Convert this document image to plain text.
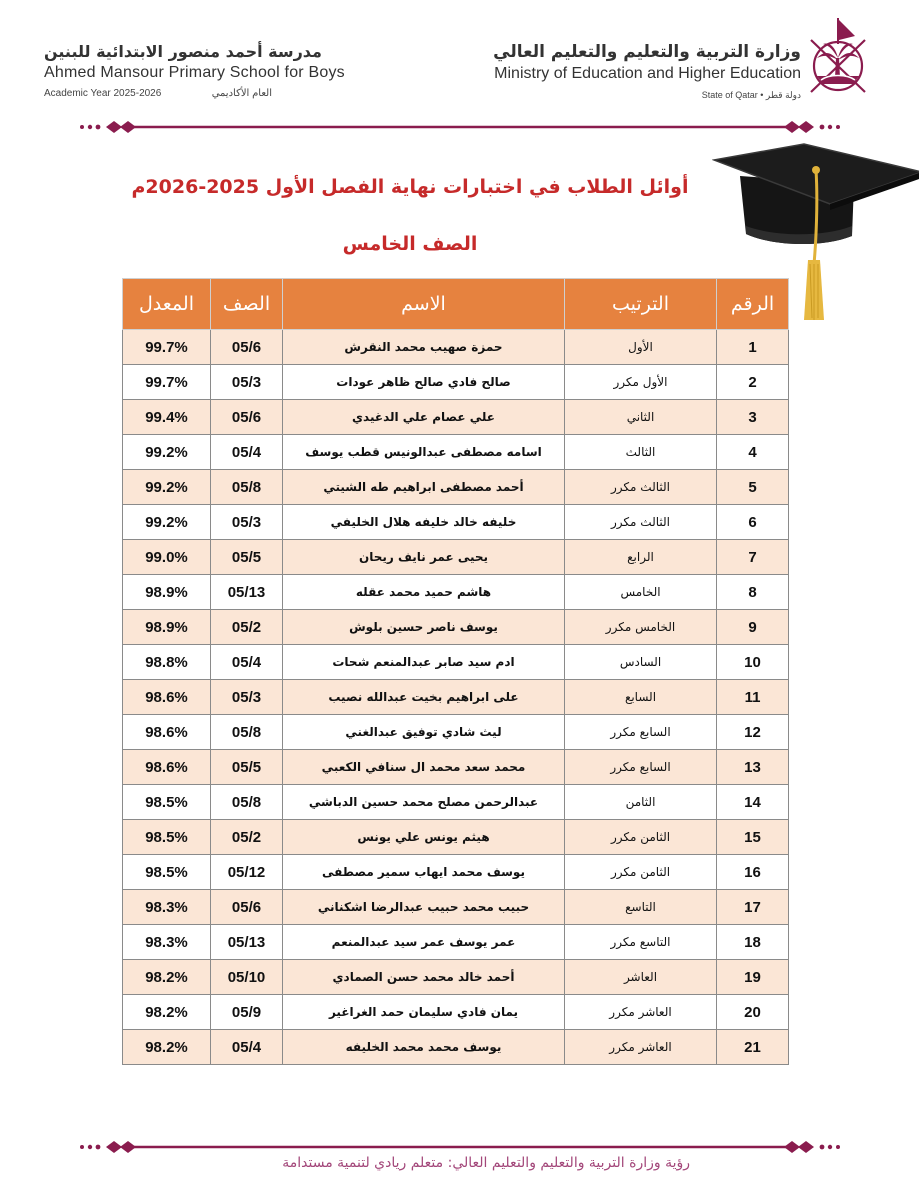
مدرسة أحمد منصور الابتدائية للبنين
Ahmed Mansour Primary School for Boys
Academic Year 2025-2026	العام الأكاديمي
وزارة التربية والتعليم والتعليم العالي
Ministry of Education and Higher Education
State of Qatar • دولة قطر
أوائل الطلاب في اختبارات نهاية الفصل الأول 2025-2026م
الصف الخامس
الرقم	الترتيب	الاسم	الصف	المعدل
1	الأول	حمزة صهيب محمد النقرش	05/6	99.7%
2	الأول مكرر	صالح فادي صالح ظاهر عودات	05/3	99.7%
3	الثاني	علي عصام علي الدغيدي	05/6	99.4%
4	الثالث	اسامه مصطفى عبدالونيس قطب يوسف	05/4	99.2%
5	الثالث مكرر	أحمد مصطفى ابراهيم طه الشيتي	05/8	99.2%
6	الثالث مكرر	خليفه خالد خليفه هلال الخليفي	05/3	99.2%
7	الرابع	يحيى عمر نايف ريحان	05/5	99.0%
8	الخامس	هاشم حميد محمد عقله	05/13	98.9%
9	الخامس مكرر	يوسف ناصر حسين بلوش	05/2	98.9%
10	السادس	ادم سيد صابر عبدالمنعم شحات	05/4	98.8%
11	السابع	على ابراهيم بخيت عبدالله نصيب	05/3	98.6%
12	السابع مكرر	ليث شادي توفيق عبدالغني	05/8	98.6%
13	السابع مكرر	محمد سعد محمد ال سنافي الكعبي	05/5	98.6%
14	الثامن	عبدالرحمن مصلح محمد حسين الدباشي	05/8	98.5%
15	الثامن مكرر	هيثم يونس علي يونس	05/2	98.5%
16	الثامن مكرر	يوسف محمد ايهاب سمير مصطفى	05/12	98.5%
17	التاسع	حبيب محمد حبيب عبدالرضا اشكناني	05/6	98.3%
18	التاسع مكرر	عمر يوسف عمر سيد عبدالمنعم	05/13	98.3%
19	العاشر	أحمد خالد محمد حسن الصمادي	05/10	98.2%
20	العاشر مكرر	يمان فادي سليمان حمد الغراغير	05/9	98.2%
21	العاشر مكرر	يوسف محمد محمد الخليفه	05/4	98.2%
رؤية وزارة التربية والتعليم والتعليم العالي: متعلم ريادي لتنمية مستدامة
